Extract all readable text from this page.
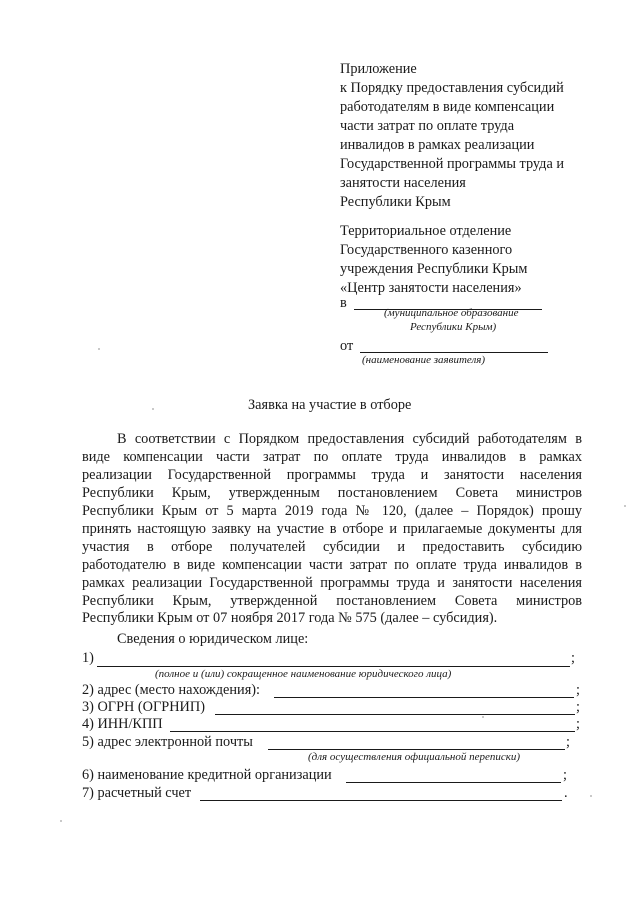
Приложение
к Порядку предоставления субсидий
работодателям в виде компенсации
части затрат по оплате труда
инвалидов в рамках реализации
Государственной программы труда и
занятости населения
Республики Крым
Территориальное отделение
Государственного казенного
учреждения Республики Крым
«Центр занятости населения»
в
(муниципальное образование
Республики Крым)
от
(наименование заявителя)
Заявка на участие в отборе
В соответствии с Порядком предоставления субсидий работодателям в
виде компенсации части затрат по оплате труда инвалидов в рамках
реализации Государственной программы труда и занятости населения
Республики Крым, утвержденным постановлением Совета министров
Республики Крым от 5 марта 2019 года № 120, (далее – Порядок) прошу
принять настоящую заявку на участие в отборе и прилагаемые документы для
участия в отборе получателей субсидии и предоставить субсидию
работодателю в виде компенсации части затрат по оплате труда инвалидов в
рамках реализации Государственной программы труда и занятости населения
Республики Крым, утвержденной постановлением Совета министров
Республики Крым от 07 ноября 2017 года № 575 (далее – субсидия).
Сведения о юридическом лице:
1)	;
(полное и (или) сокращенное наименование юридического лица)
2) адрес (место нахождения):	;
3) ОГРН (ОГРНИП)	;
4) ИНН/КПП	;
5) адрес электронной почты	;
(для осуществления официальной переписки)
6) наименование кредитной организации	;
7) расчетный счет	.
